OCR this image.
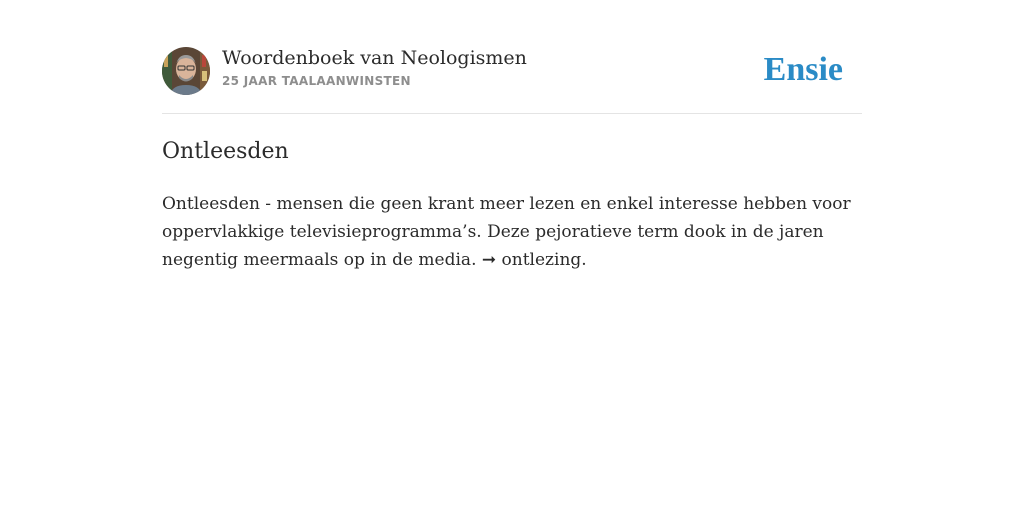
Woordenboek van Neologismen
25 JAAR TAALAANWINSTEN	Ensie
Ontleesden

Ontleesden - mensen die geen krant meer lezen en enkel interesse hebben voor oppervlakkige televisieprogramma’s. Deze pejoratieve term dook in de jaren negentig meermaals op in de media. ➞ ontlezing.
